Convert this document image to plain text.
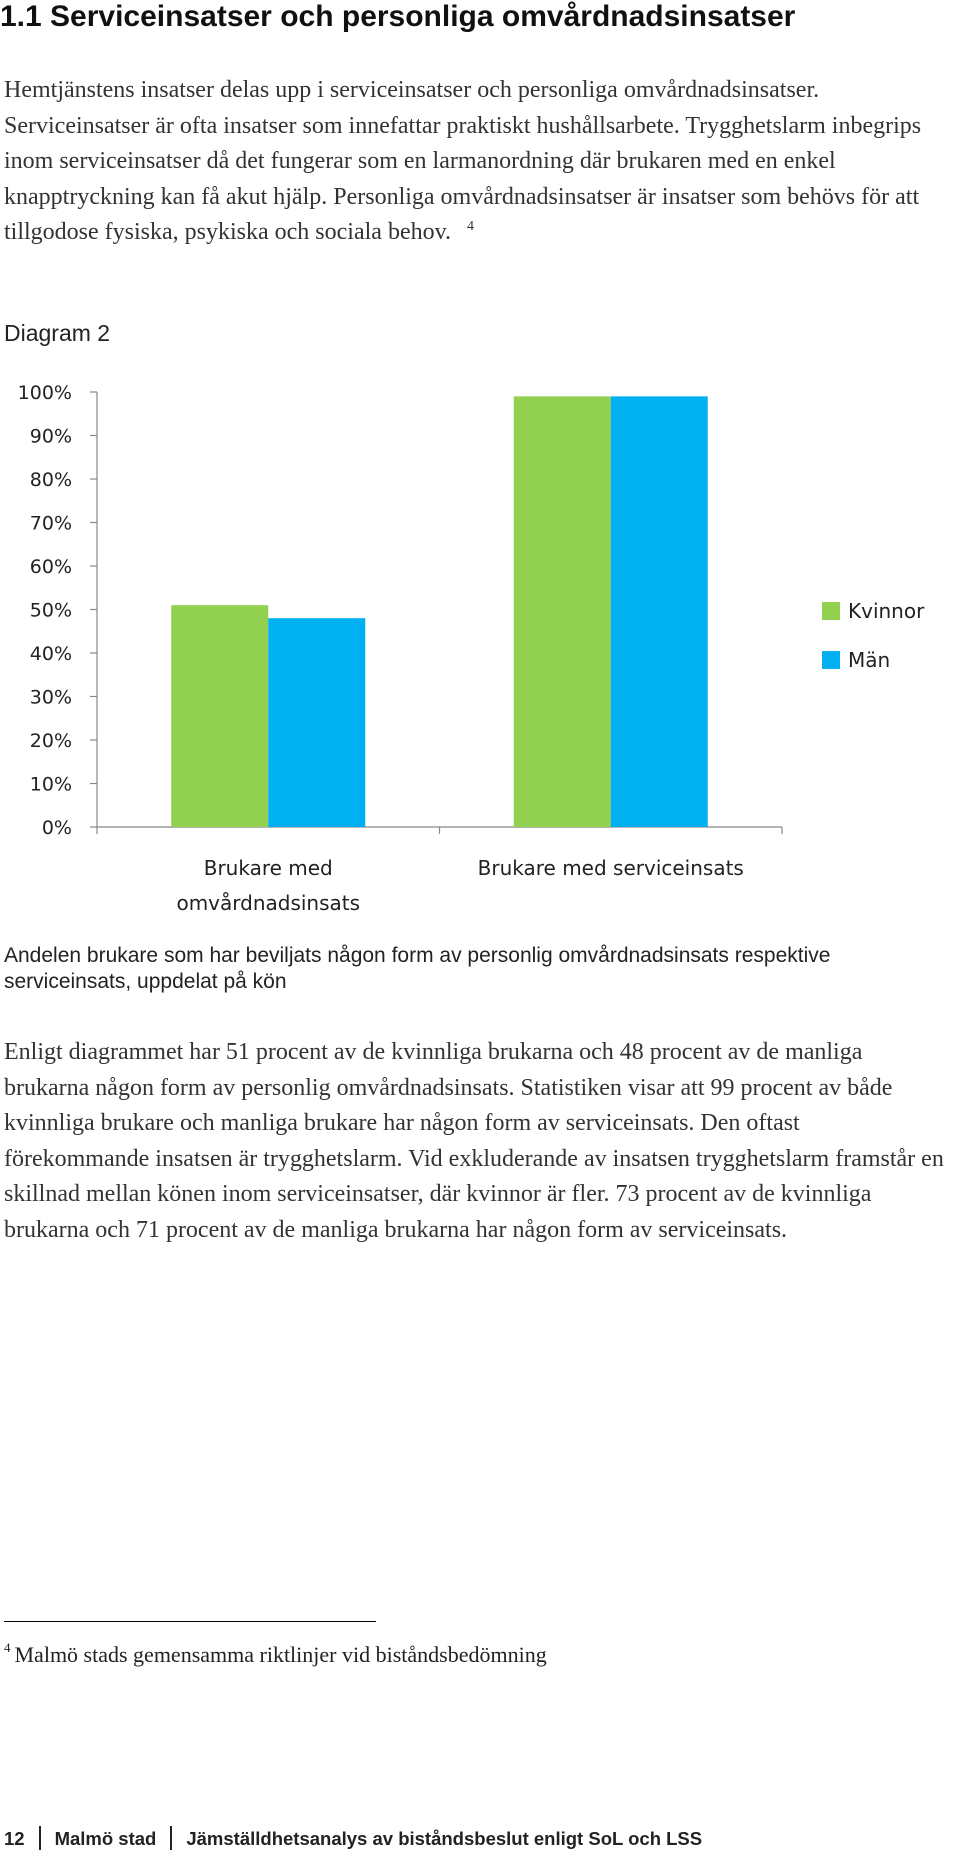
1.1 Serviceinsatser och personliga omvårdnadsinsatser

Hemtjänstens insatser delas upp i serviceinsatser och personliga omvårdnadsinsatser. Serviceinsatser är ofta insatser som innefattar praktiskt hushållsarbete. Trygghetslarm inbegrips inom serviceinsatser då det fungerar som en larmanordning där brukaren med en enkel knapptryckning kan få akut hjälp. Personliga omvårdnadsinsatser är insatser som behövs för att tillgodose fysiska, psykiska och sociala behov. $^4$

Diagram 2
0%
10%
20%
30%
40%
50%
60%
70%
80%
90%
100%
Brukare med
omvårdnadsinsats
Brukare med serviceinsats
Kvinnor
Män

Andelen brukare som har beviljats någon form av personlig omvårdnadsinsats respektive serviceinsats, uppdelat på kön

Enligt diagrammet har 51 procent av de kvinnliga brukarna och 48 procent av de manliga brukarna någon form av personlig omvårdnadsinsats. Statistiken visar att 99 procent av både kvinnliga brukare och manliga brukare har någon form av serviceinsats. Den oftast förekommande insatsen är trygghetslarm. Vid exkluderande av insatsen trygghetslarm framstår en skillnad mellan könen inom serviceinsatser, där kvinnor är fler. 73 procent av de kvinnliga brukarna och 71 procent av de manliga brukarna har någon form av serviceinsats.

$^4$ Malmö stads gemensamma riktlinjer vid biståndsbedömning

12 Malmö stad Jämställdhetsanalys av biståndsbeslut enligt SoL och LSS
